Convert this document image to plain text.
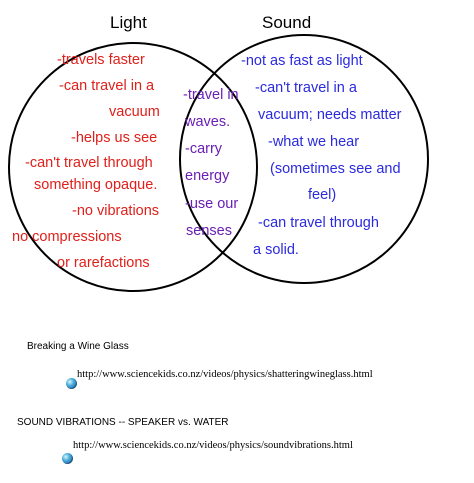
Light	Sound
-travels faster
-can travel in a
vacuum
-helps us see
-can't travel through
something opaque.
-no vibrations
no compressions
or rarefactions
-travel in
waves.
-carry
energy
-use our
senses
-not as fast as light
-can't travel in a
vacuum; needs matter
-what we hear
(sometimes see and
feel)
-can travel through
a solid.
Breaking a Wine Glass
http://www.sciencekids.co.nz/videos/physics/shatteringwineglass.html
SOUND VIBRATIONS -- SPEAKER vs. WATER
http://www.sciencekids.co.nz/videos/physics/soundvibrations.html
